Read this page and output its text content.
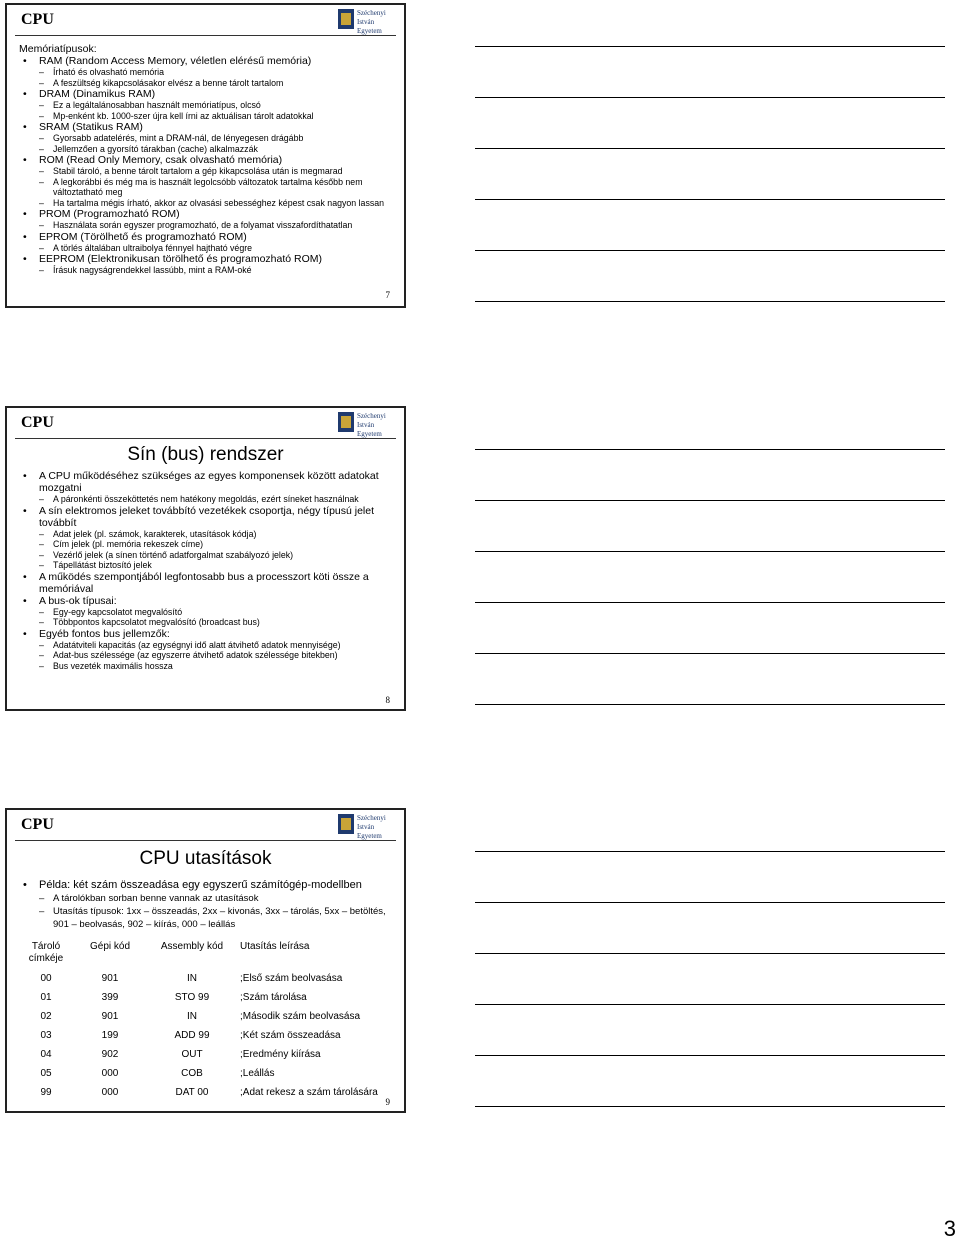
CPU	Széchenyi
István
Egyetem
Memóriatípusok:
• RAM (Random Access Memory, véletlen elérésű memória)
– Írható és olvasható memória
– A feszültség kikapcsolásakor elvész a benne tárolt tartalom
• DRAM (Dinamikus RAM)
– Ez a legáltalánosabban használt memóriatípus, olcsó
– Mp-enként kb. 1000-szer újra kell írni az aktuálisan tárolt adatokkal
• SRAM (Statikus RAM)
– Gyorsabb adatelérés, mint a DRAM-nál, de lényegesen drágább
– Jellemzően a gyorsító tárakban (cache) alkalmazzák
• ROM (Read Only Memory, csak olvasható memória)
– Stabil tároló, a benne tárolt tartalom a gép kikapcsolása után is megmarad
– A legkorábbi és még ma is használt legolcsóbb változatok tartalma később nem változtatható meg
– Ha tartalma mégis írható, akkor az olvasási sebességhez képest csak nagyon lassan
• PROM (Programozható ROM)
– Használata során egyszer programozható, de a folyamat visszafordíthatatlan
• EPROM (Törölhető és programozható ROM)
– A törlés általában ultraibolya fénnyel hajtható végre
• EEPROM (Elektronikusan törölhető és programozható ROM)
– Írásuk nagyságrendekkel lassúbb, mint a RAM-oké
7
CPU	Széchenyi
István
Egyetem
Sín (bus) rendszer
• A CPU működéséhez szükséges az egyes komponensek között adatokat mozgatni
– A páronkénti összeköttetés nem hatékony megoldás, ezért síneket használnak
• A sín elektromos jeleket továbbító vezetékek csoportja, négy típusú jelet továbbít
– Adat jelek (pl. számok, karakterek, utasítások kódja)
– Cím jelek (pl. memória rekeszek címe)
– Vezérlő jelek (a sínen történő adatforgalmat szabályozó jelek)
– Tápellátást biztosító jelek
• A működés szempontjából legfontosabb bus a processzort köti össze a memóriával
• A bus-ok típusai:
– Egy-egy kapcsolatot megvalósító
– Többpontos kapcsolatot megvalósító (broadcast bus)
• Egyéb fontos bus jellemzők:
– Adatátviteli kapacitás (az egységnyi idő alatt átvihető adatok mennyisége)
– Adat-bus szélessége (az egyszerre átvihető adatok szélessége bitekben)
– Bus vezeték maximális hossza
8
CPU	Széchenyi
István
Egyetem
CPU utasítások
• Példa: két szám összeadása egy egyszerű számítógép-modellben
– A tárolókban sorban benne vannak az utasítások
– Utasítás típusok: 1xx – összeadás, 2xx – kivonás, 3xx – tárolás, 5xx – betöltés, 901 – beolvasás, 902 – kiírás, 000 – leállás
Tároló címkéje	Gépi kód	Assembly kód	Utasítás leírása
00	901	IN	;Első szám beolvasása
01	399	STO 99	;Szám tárolása
02	901	IN	;Második szám beolvasása
03	199	ADD 99	;Két szám összeadása
04	902	OUT	;Eredmény kiírása
05	000	COB	;Leállás
99	000	DAT 00	;Adat rekesz a szám tárolására
9
3
